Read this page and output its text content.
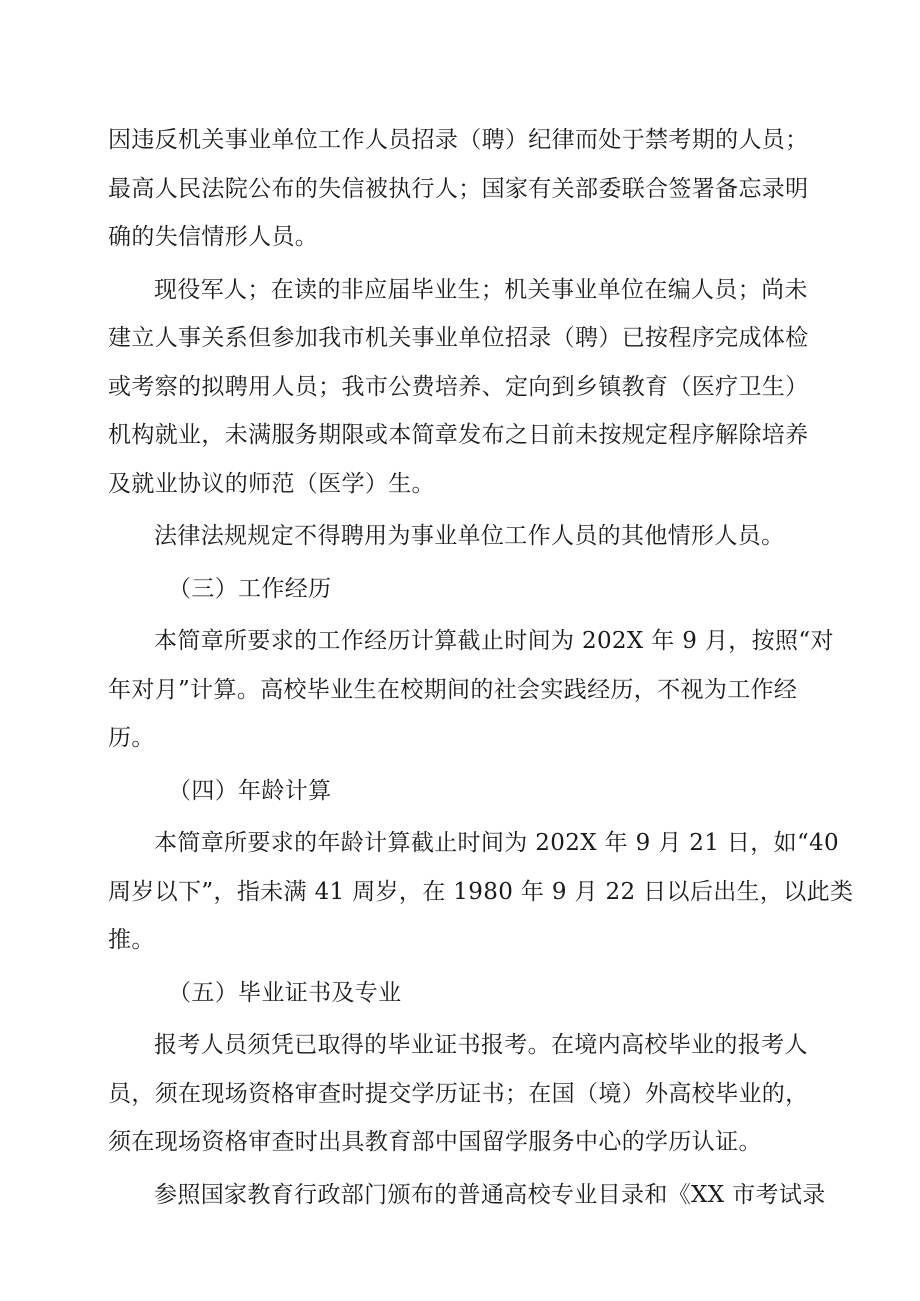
因违反机关事业单位工作人员招录（聘）纪律而处于禁考期的人员；
最高人民法院公布的失信被执行人；国家有关部委联合签署备忘录明
确的失信情形人员。
现役军人；在读的非应届毕业生；机关事业单位在编人员；尚未
建立人事关系但参加我市机关事业单位招录（聘）已按程序完成体检
或考察的拟聘用人员；我市公费培养、定向到乡镇教育（医疗卫生）
机构就业，未满服务期限或本简章发布之日前未按规定程序解除培养
及就业协议的师范（医学）生。
法律法规规定不得聘用为事业单位工作人员的其他情形人员。
（三）工作经历
本简章所要求的工作经历计算截止时间为 202X 年 9 月，按照“对
年对月”计算。高校毕业生在校期间的社会实践经历，不视为工作经
历。
（四）年龄计算
本简章所要求的年龄计算截止时间为 202X 年 9 月 21 日，如“40
周岁以下”，指未满 41 周岁，在 1980 年 9 月 22 日以后出生，以此类
推。
（五）毕业证书及专业
报考人员须凭已取得的毕业证书报考。在境内高校毕业的报考人
员，须在现场资格审查时提交学历证书；在国（境）外高校毕业的，
须在现场资格审查时出具教育部中国留学服务中心的学历认证。
参照国家教育行政部门颁布的普通高校专业目录和《XX 市考试录
